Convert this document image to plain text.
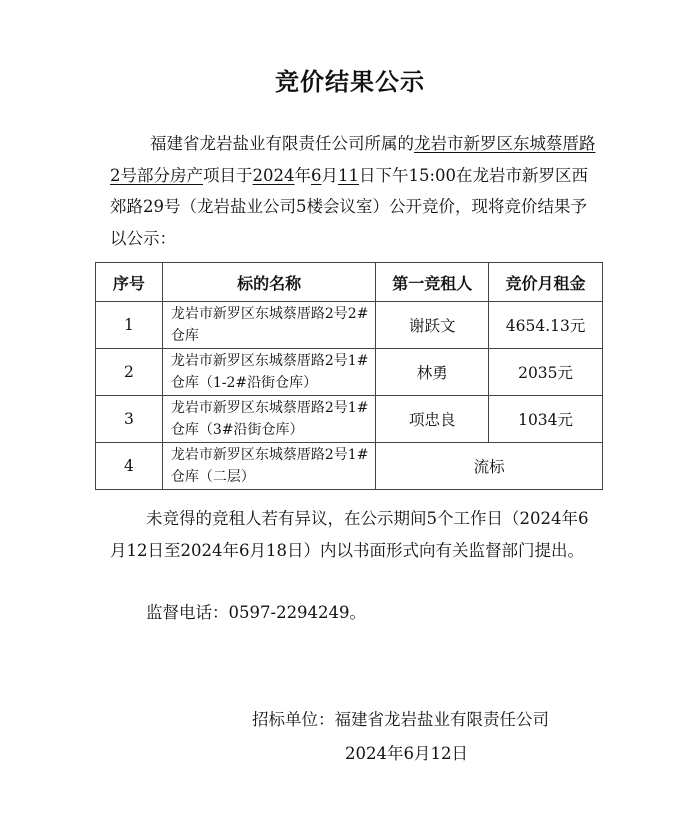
竞价结果公示
福建省龙岩盐业有限责任公司所属的龙岩市新罗区东城蔡厝路2号部分房产项目于2024年6月11日下午15:00在龙岩市新罗区西郊路29号（龙岩盐业公司5楼会议室）公开竞价，现将竞价结果予以公示：
序号	标的名称	第一竞租人	竞价月租金
1	龙岩市新罗区东城蔡厝路2号2#仓库	谢跃文	4654.13元
2	龙岩市新罗区东城蔡厝路2号1#仓库（1-2#沿街仓库）	林勇	2035元
3	龙岩市新罗区东城蔡厝路2号1#仓库（3#沿街仓库）	项忠良	1034元
4	龙岩市新罗区东城蔡厝路2号1#仓库（二层）	流标	
未竞得的竞租人若有异议，在公示期间5个工作日（2024年6月12日至2024年6月18日）内以书面形式向有关监督部门提出。
监督电话：0597-2294249。
招标单位：福建省龙岩盐业有限责任公司
2024年6月12日
